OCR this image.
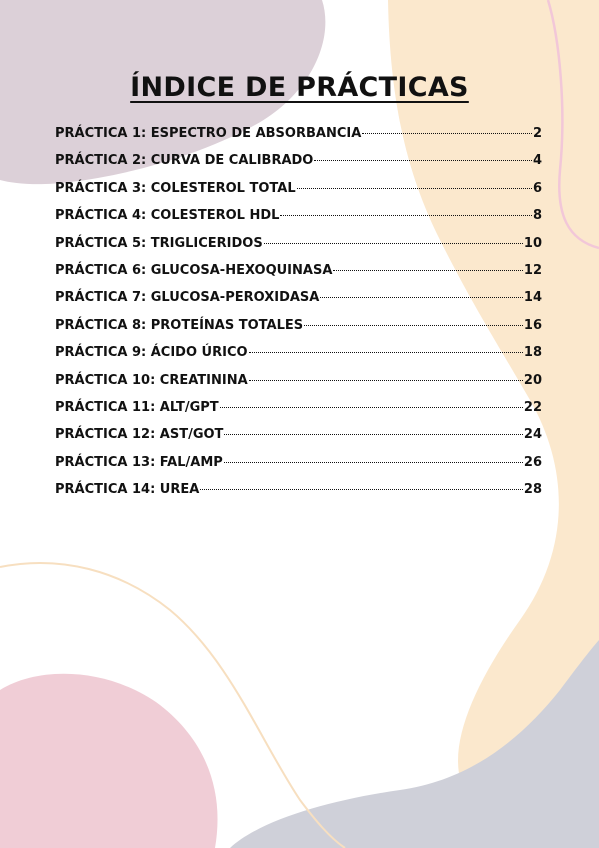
ÍNDICE DE PRÁCTICAS
PRÁCTICA 1: ESPECTRO DE ABSORBANCIA	2
PRÁCTICA 2: CURVA DE CALIBRADO	4
PRÁCTICA 3: COLESTEROL TOTAL	6
PRÁCTICA 4: COLESTEROL HDL	8
PRÁCTICA 5: TRIGLICERIDOS	10
PRÁCTICA 6: GLUCOSA-HEXOQUINASA	12
PRÁCTICA 7: GLUCOSA-PEROXIDASA	14
PRÁCTICA 8: PROTEÍNAS TOTALES	16
PRÁCTICA 9: ÁCIDO ÚRICO	18
PRÁCTICA 10: CREATININA	20
PRÁCTICA 11: ALT/GPT	22
PRÁCTICA 12: AST/GOT	24
PRÁCTICA 13: FAL/AMP	26
PRÁCTICA 14: UREA	28
